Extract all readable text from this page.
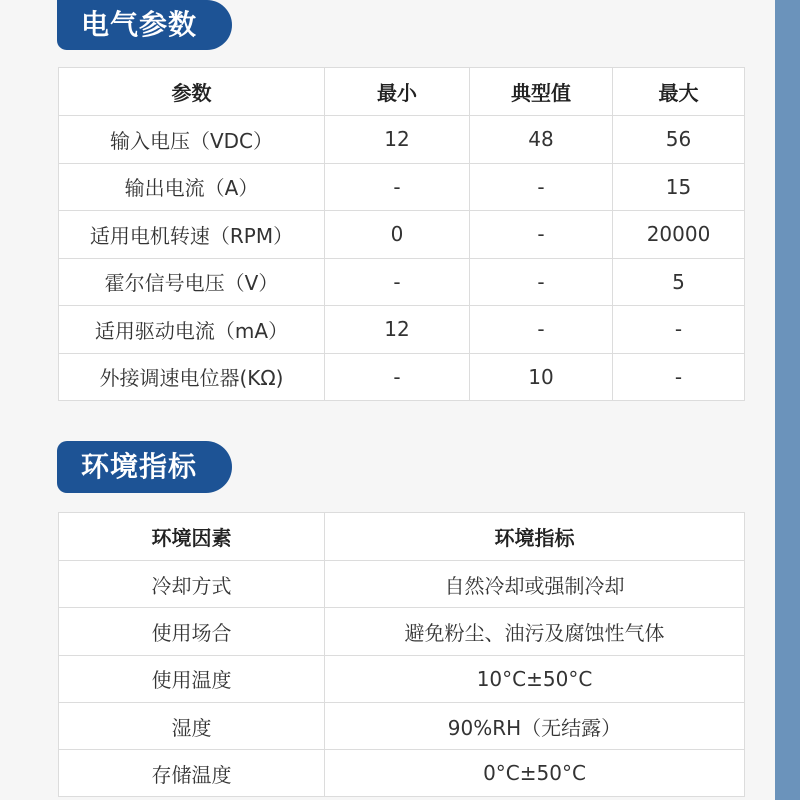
电气参数
参数	最小	典型值	最大
输入电压（VDC）	12	48	56
输出电流（A）	-	-	15
适用电机转速（RPM）	0	-	20000
霍尔信号电压（V）	-	-	5
适用驱动电流（mA）	12	-	-
外接调速电位器(KΩ)	-	10	-
环境指标
环境因素	环境指标
冷却方式	自然冷却或强制冷却
使用场合	避免粉尘、油污及腐蚀性气体
使用温度	10°C±50°C
湿度	90%RH（无结露）
存储温度	0°C±50°C
